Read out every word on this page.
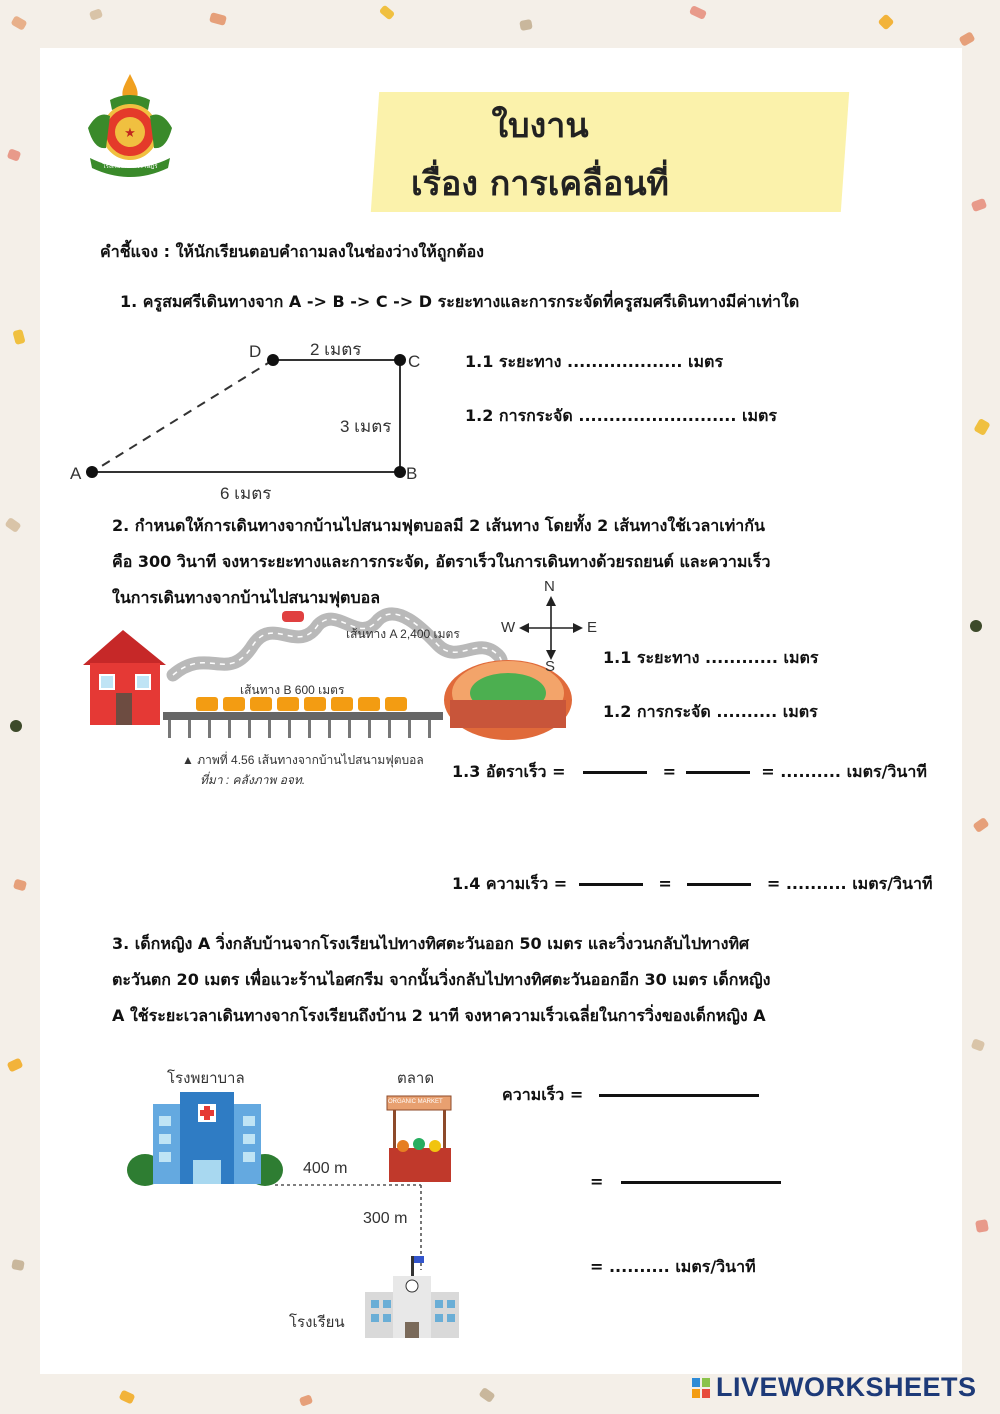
★
โรงเรียนมนตร์ราษฎร์
ใบงาน
เรื่อง การเคลื่อนที่
คำชี้แจง : ให้นักเรียนตอบคำถามลงในช่องว่างให้ถูกต้อง
1. ครูสมศรีเดินทางจาก A -> B -> C -> D ระยะทางและการกระจัดที่ครูสมศรีเดินทางมีค่าเท่าใด
A	B
C
D	2 เมตร
3 เมตร
6 เมตร
1.1 ระยะทาง ................... เมตร
1.2 การกระจัด .......................... เมตร
2. กำหนดให้การเดินทางจากบ้านไปสนามฟุตบอลมี 2 เส้นทาง โดยทั้ง 2 เส้นทางใช้เวลาเท่ากัน
คือ 300 วินาที จงหาระยะทางและการกระจัด, อัตราเร็วในการเดินทางด้วยรถยนต์ และความเร็ว
ในการเดินทางจากบ้านไปสนามฟุตบอล
เส้นทาง A 2,400 เมตร
เส้นทาง B 600 เมตร
▲ ภาพที่ 4.56 เส้นทางจากบ้านไปสนามฟุตบอล
ที่มา : คลังภาพ อจท.
N
S
W	E
1.1 ระยะทาง ............ เมตร
1.2 การกระจัด .......... เมตร
1.3 อัตราเร็ว =	=	= .......... เมตร/วินาที
1.4 ความเร็ว =	=	= .......... เมตร/วินาที
3. เด็กหญิง A วิ่งกลับบ้านจากโรงเรียนไปทางทิศตะวันออก 50 เมตร และวิ่งวนกลับไปทางทิศ
ตะวันตก 20 เมตร เพื่อแวะร้านไอศกรีม จากนั้นวิ่งกลับไปทางทิศตะวันออกอีก 30 เมตร เด็กหญิง
A ใช้ระยะเวลาเดินทางจากโรงเรียนถึงบ้าน 2 นาที จงหาความเร็วเฉลี่ยในการวิ่งของเด็กหญิง A
โรงพยาบาล	ตลาด
ORGANIC MARKET
โรงเรียน
400 m
300 m
ความเร็ว =
=
= .......... เมตร/วินาที
LIVEWORKSHEETS
